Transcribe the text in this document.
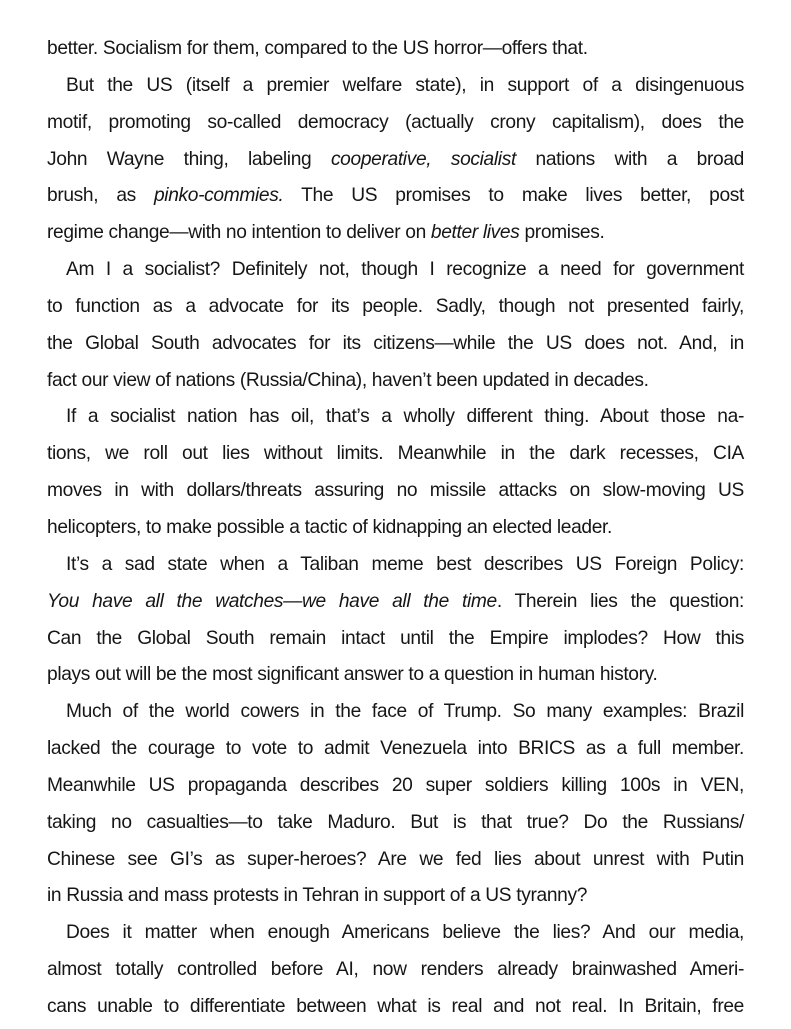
better. Socialism for them, compared to the US horror—offers that.
But the US (itself a premier welfare state), in support of a disingenuous
motif, promoting so-called democracy (actually crony capitalism), does the
John Wayne thing, labeling cooperative, socialist nations with a broad
brush, as pinko-commies. The US promises to make lives better, post
regime change—with no intention to deliver on better lives promises.
Am I a socialist? Definitely not, though I recognize a need for government
to function as a advocate for its people. Sadly, though not presented fairly,
the Global South advocates for its citizens—while the US does not. And, in
fact our view of nations (Russia/China), haven’t been updated in decades.
If a socialist nation has oil, that’s a wholly different thing. About those na-
tions, we roll out lies without limits. Meanwhile in the dark recesses, CIA
moves in with dollars/threats assuring no missile attacks on slow-moving US
helicopters, to make possible a tactic of kidnapping an elected leader.
It’s a sad state when a Taliban meme best describes US Foreign Policy:
You have all the watches—we have all the time. Therein lies the question:
Can the Global South remain intact until the Empire implodes? How this
plays out will be the most significant answer to a question in human history.
Much of the world cowers in the face of Trump. So many examples: Brazil
lacked the courage to vote to admit Venezuela into BRICS as a full member.
Meanwhile US propaganda describes 20 super soldiers killing 100s in VEN,
taking no casualties—to take Maduro. But is that true? Do the Russians/
Chinese see GI’s as super-heroes? Are we fed lies about unrest with Putin
in Russia and mass protests in Tehran in support of a US tyranny?
Does it matter when enough Americans believe the lies? And our media,
almost totally controlled before AI, now renders already brainwashed Ameri-
cans unable to differentiate between what is real and not real. In Britain, free
